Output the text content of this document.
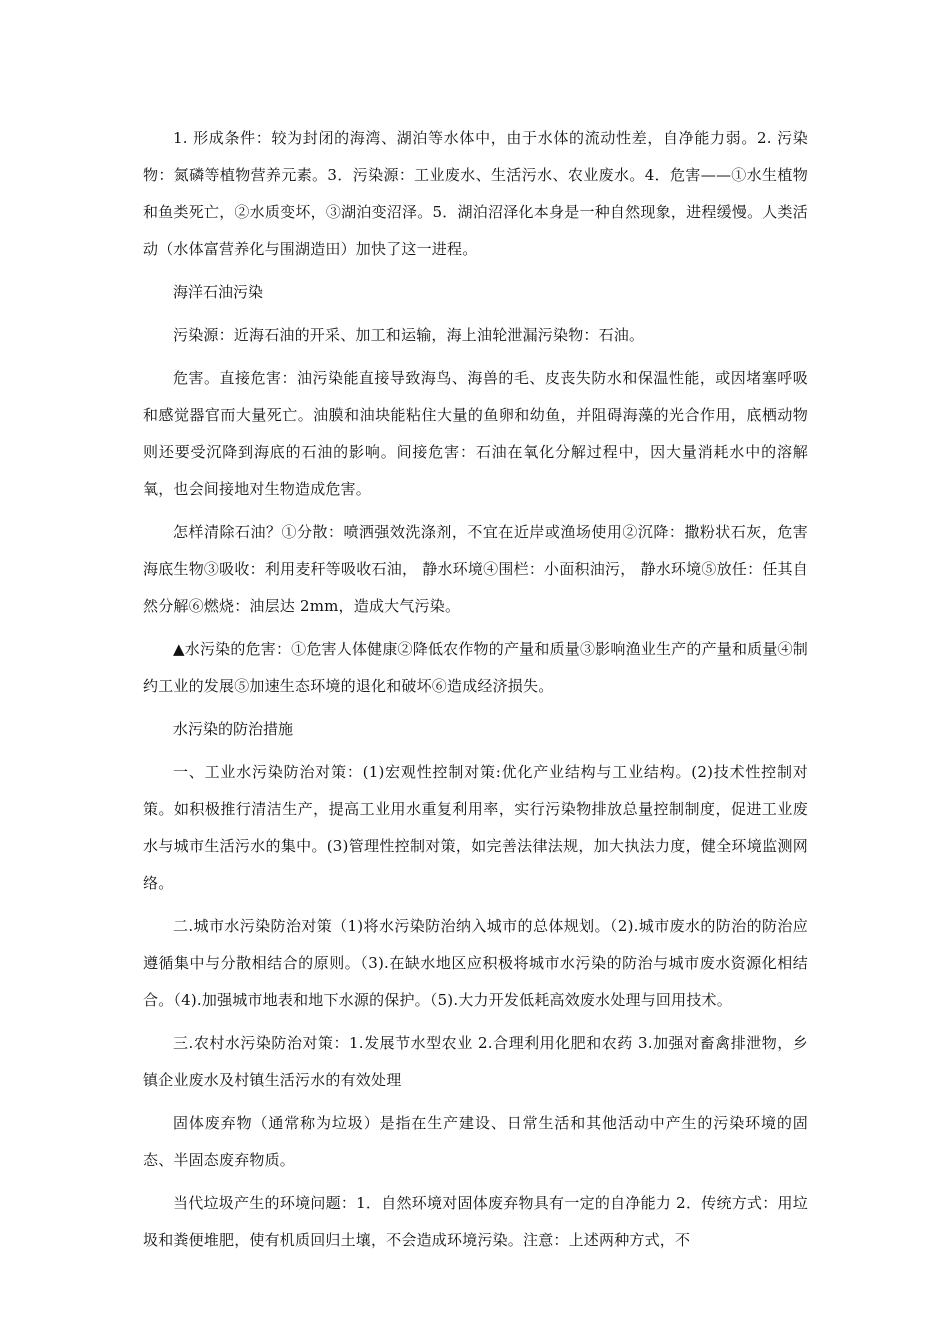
1. 形成条件：较为封闭的海湾、湖泊等水体中，由于水体的流动性差，自净能力弱。2. 污染物：氮磷等植物营养元素。3．污染源：工业废水、生活污水、农业废水。4．危害——①水生植物和鱼类死亡，②水质变坏，③湖泊变沼泽。5．湖泊沼泽化本身是一种自然现象，进程缓慢。人类活动（水体富营养化与围湖造田）加快了这一进程。

海洋石油污染

污染源：近海石油的开采、加工和运输，海上油轮泄漏污染物：石油。

危害。直接危害：油污染能直接导致海鸟、海兽的毛、皮丧失防水和保温性能，或因堵塞呼吸和感觉器官而大量死亡。油膜和油块能粘住大量的鱼卵和幼鱼，并阻碍海藻的光合作用，底栖动物则还要受沉降到海底的石油的影响。间接危害：石油在氧化分解过程中，因大量消耗水中的溶解氧，也会间接地对生物造成危害。

怎样清除石油？①分散：喷洒强效洗涤剂，不宜在近岸或渔场使用②沉降：撒粉状石灰，危害海底生物③吸收：利用麦秆等吸收石油， 静水环境④围栏：小面积油污， 静水环境⑤放任：任其自然分解⑥燃烧：油层达 2mm，造成大气污染。

▲水污染的危害：①危害人体健康②降低农作物的产量和质量③影响渔业生产的产量和质量④制约工业的发展⑤加速生态环境的退化和破坏⑥造成经济损失。

水污染的防治措施

一、工业水污染防治对策：(1)宏观性控制对策:优化产业结构与工业结构。(2)技术性控制对策。如积极推行清洁生产，提高工业用水重复利用率，实行污染物排放总量控制制度，促进工业废水与城市生活污水的集中。(3)管理性控制对策，如完善法律法规，加大执法力度，健全环境监测网络。

二.城市水污染防治对策（1)将水污染防治纳入城市的总体规划。（2).城市废水的防治的防治应遵循集中与分散相结合的原则。（3).在缺水地区应积极将城市水污染的防治与城市废水资源化相结合。（4).加强城市地表和地下水源的保护。（5).大力开发低耗高效废水处理与回用技术。

三.农村水污染防治对策：1.发展节水型农业 2.合理利用化肥和农药 3.加强对畜禽排泄物，乡镇企业废水及村镇生活污水的有效处理

固体废弃物（通常称为垃圾）是指在生产建设、日常生活和其他活动中产生的污染环境的固态、半固态废弃物质。

当代垃圾产生的环境问题：1．自然环境对固体废弃物具有一定的自净能力 2．传统方式：用垃圾和粪便堆肥，使有机质回归土壤，不会造成环境污染。注意：上述两种方式，不
